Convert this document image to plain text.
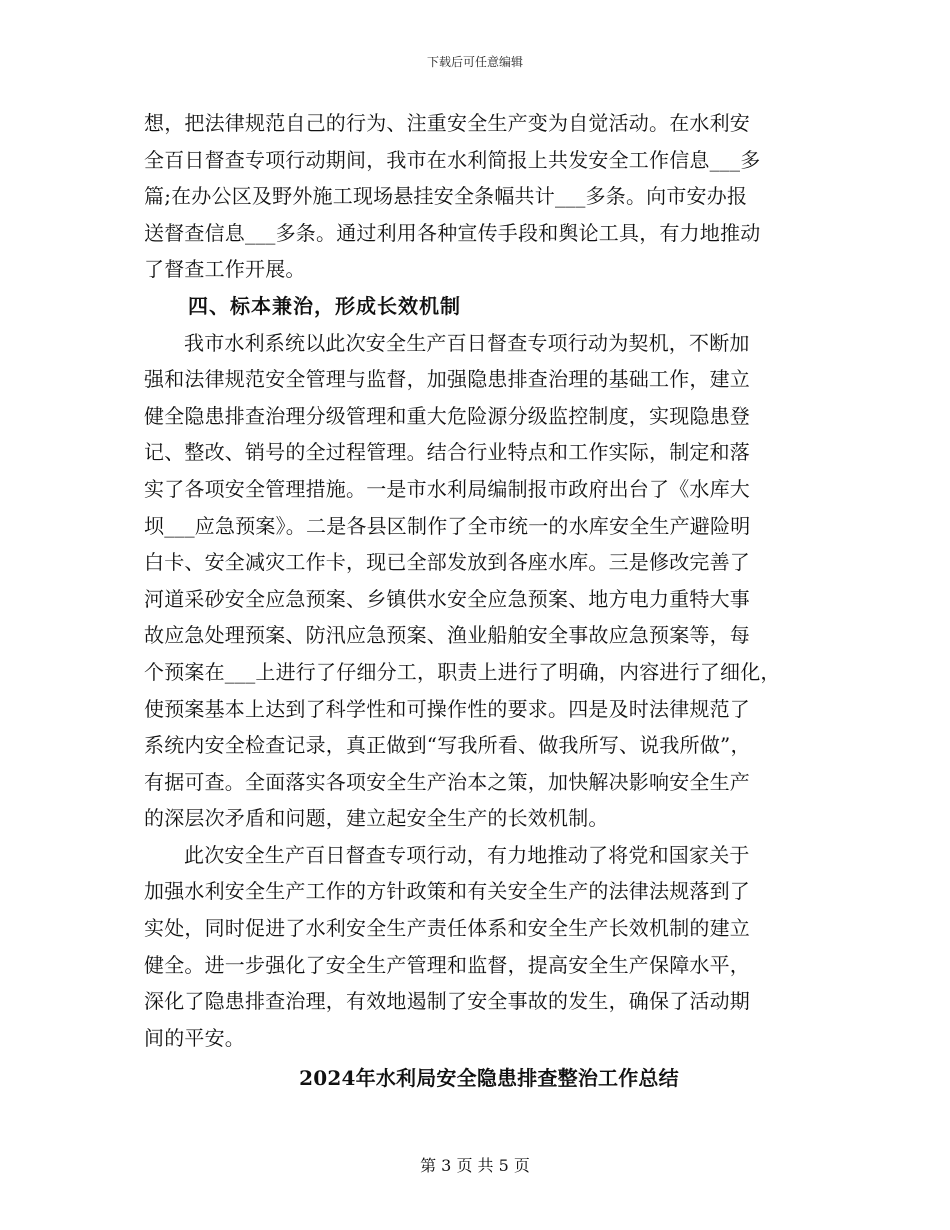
下载后可任意编辑
想，把法律规范自己的行为、注重安全生产变为自觉活动。在水利安
全百日督查专项行动期间，我市在水利简报上共发安全工作信息___多
篇;在办公区及野外施工现场悬挂安全条幅共计___多条。向市安办报
送督查信息___多条。通过利用各种宣传手段和舆论工具，有力地推动
了督查工作开展。
四、标本兼治，形成长效机制
我市水利系统以此次安全生产百日督查专项行动为契机，不断加
强和法律规范安全管理与监督，加强隐患排查治理的基础工作，建立
健全隐患排查治理分级管理和重大危险源分级监控制度，实现隐患登
记、整改、销号的全过程管理。结合行业特点和工作实际，制定和落
实了各项安全管理措施。一是市水利局编制报市政府出台了《水库大
坝___应急预案》。二是各县区制作了全市统一的水库安全生产避险明
白卡、安全减灾工作卡，现已全部发放到各座水库。三是修改完善了
河道采砂安全应急预案、乡镇供水安全应急预案、地方电力重特大事
故应急处理预案、防汛应急预案、渔业船舶安全事故应急预案等，每
个预案在___上进行了仔细分工，职责上进行了明确，内容进行了细化，
使预案基本上达到了科学性和可操作性的要求。四是及时法律规范了
系统内安全检查记录，真正做到“写我所看、做我所写、说我所做”，
有据可查。全面落实各项安全生产治本之策，加快解决影响安全生产
的深层次矛盾和问题，建立起安全生产的长效机制。
此次安全生产百日督查专项行动，有力地推动了将党和国家关于
加强水利安全生产工作的方针政策和有关安全生产的法律法规落到了
实处，同时促进了水利安全生产责任体系和安全生产长效机制的建立
健全。进一步强化了安全生产管理和监督，提高安全生产保障水平，
深化了隐患排查治理，有效地遏制了安全事故的发生，确保了活动期
间的平安。
2024年水利局安全隐患排查整治工作总结
第 3 页 共 5 页
